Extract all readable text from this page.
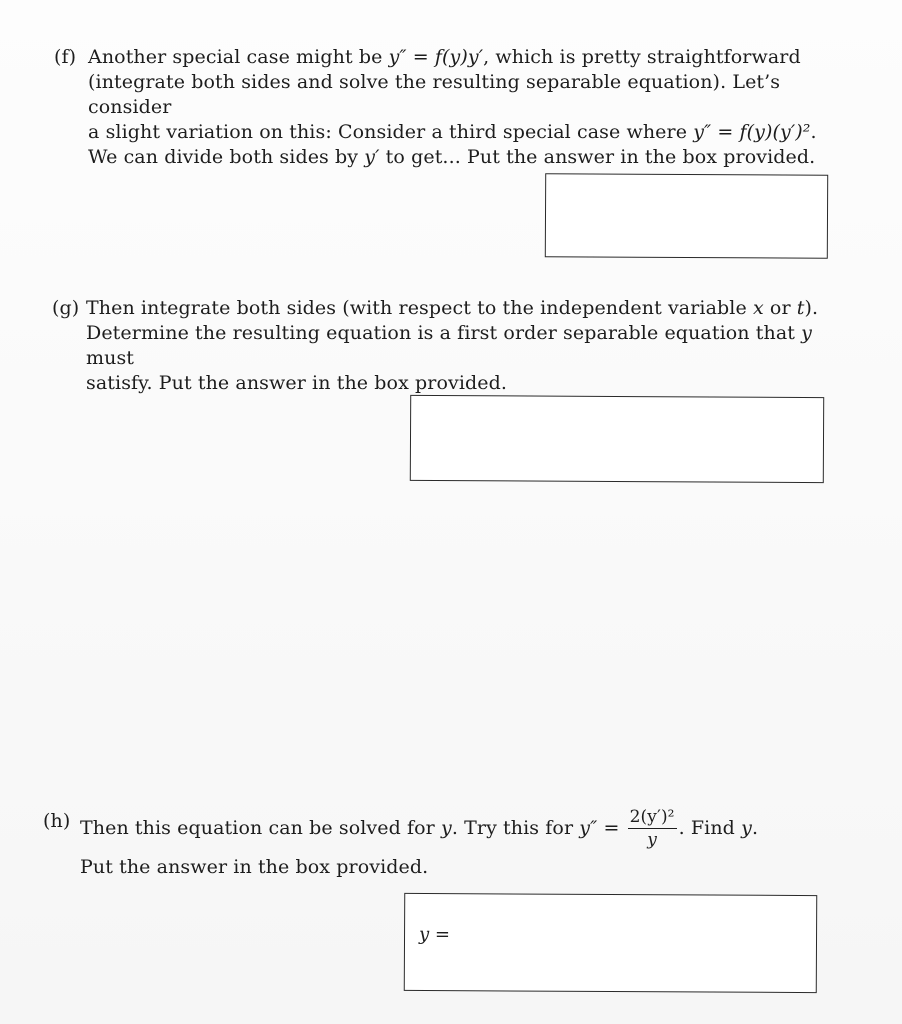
(f) Another special case might be y″ = f(y)y′, which is pretty straightforward

(integrate both sides and solve the resulting separable equation). Let’s consider

a slight variation on this: Consider a third special case where y″ = f(y)(y′)².

We can divide both sides by y′ to get... Put the answer in the box provided.

(g) Then integrate both sides (with respect to the independent variable x or t).

Determine the resulting equation is a first order separable equation that y must

satisfy. Put the answer in the box provided.

(h) Then this equation can be solved for y. Try this for $y'' = \frac{\text{2(y′)²}}{y}$ . Find y.

Put the answer in the box provided.

y =
